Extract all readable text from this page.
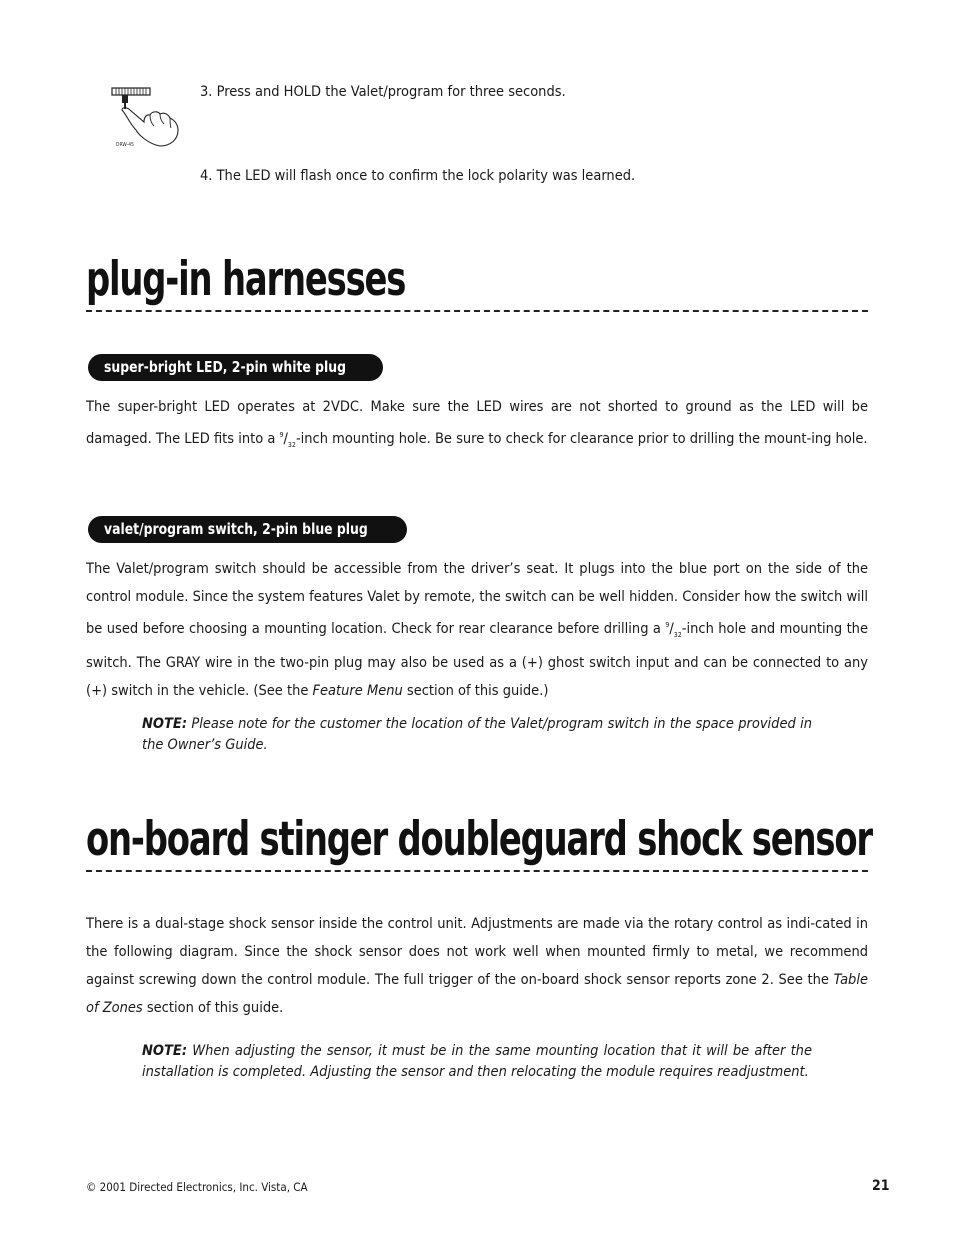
DRW-45
3. Press and HOLD the Valet/program for three seconds.
4. The LED will flash once to confirm the lock polarity was learned.
plug-in harnesses
super-bright LED, 2-pin white plug

The super-bright LED operates at 2VDC. Make sure the LED wires are not shorted to ground as the LED will be damaged. The LED fits into a $^9/_{32}$-inch mounting hole. Be sure to check for clearance prior to drilling the mount-ing hole.

valet/program switch, 2-pin blue plug

The Valet/program switch should be accessible from the driver’s seat. It plugs into the blue port on the side of the control module. Since the system features Valet by remote, the switch can be well hidden. Consider how the switch will be used before choosing a mounting location. Check for rear clearance before drilling a $^9/_{32}$-inch hole and mounting the switch. The GRAY wire in the two-pin plug may also be used as a (+) ghost switch input and can be connected to any (+) switch in the vehicle. (See the Feature Menu section of this guide.)

NOTE: Please note for the customer the location of the Valet/program switch in the space provided in the Owner’s Guide.

on-board stinger doubleguard shock sensor

There is a dual-stage shock sensor inside the control unit. Adjustments are made via the rotary control as indi-cated in the following diagram. Since the shock sensor does not work well when mounted firmly to metal, we recommend against screwing down the control module. The full trigger of the on-board shock sensor reports zone 2. See the Table of Zones section of this guide.

NOTE: When adjusting the sensor, it must be in the same mounting location that it will be after the installation is completed. Adjusting the sensor and then relocating the module requires readjustment.

© 2001 Directed Electronics, Inc. Vista, CA	21
